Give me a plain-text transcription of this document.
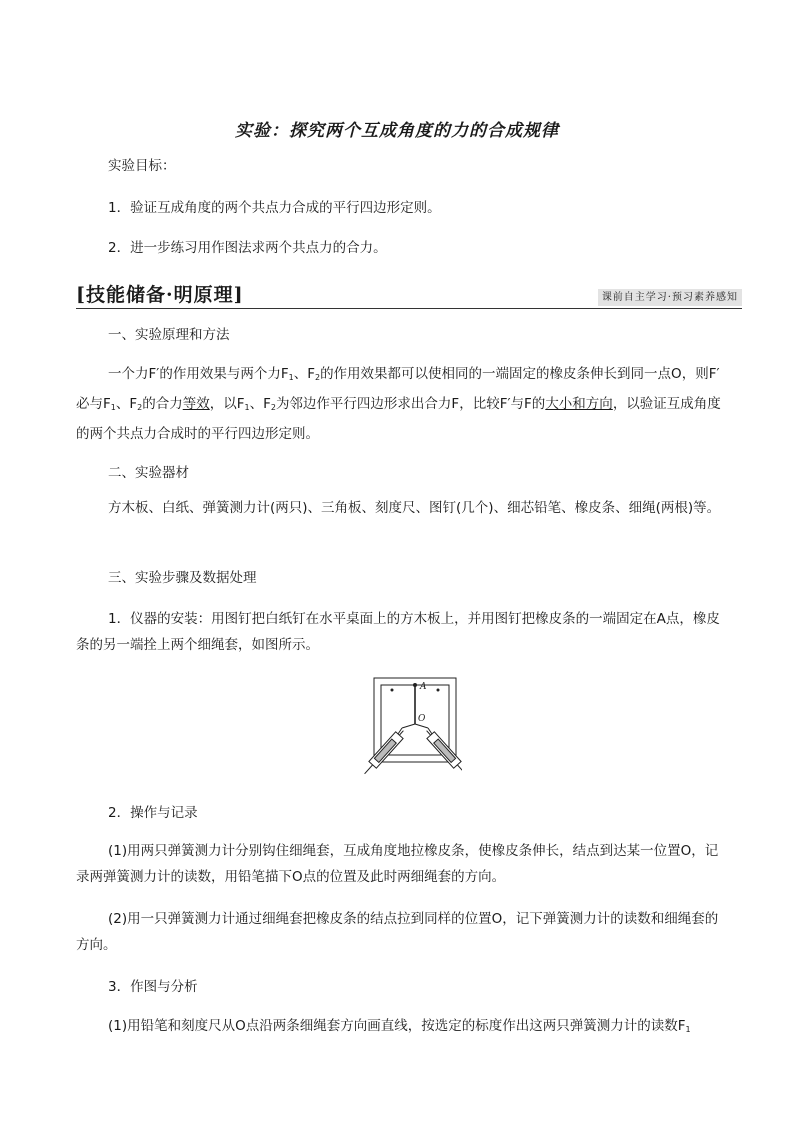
实验：探究两个互成角度的力的合成规律
实验目标：
1．验证互成角度的两个共点力合成的平行四边形定则。
2．进一步练习用作图法求两个共点力的合力。
[技能储备·明原理]	课前自主学习·预习素养感知
一、实验原理和方法
一个力F′的作用效果与两个力$F_1$、$F_2$的作用效果都可以使相同的一端固定的橡皮条伸长到同一点O，则F′必与$F_1$、$F_2$的合力等效，以$F_1$、$F_2$为邻边作平行四边形求出合力F，比较F′与F的大小和方向，以验证互成角度的两个共点力合成时的平行四边形定则。
二、实验器材
方木板、白纸、弹簧测力计(两只)、三角板、刻度尺、图钉(几个)、细芯铅笔、橡皮条、细绳(两根)等。
三、实验步骤及数据处理
1．仪器的安装：用图钉把白纸钉在水平桌面上的方木板上，并用图钉把橡皮条的一端固定在A点，橡皮条的另一端拴上两个细绳套，如图所示。
A
O
2．操作与记录
(1)用两只弹簧测力计分别钩住细绳套，互成角度地拉橡皮条，使橡皮条伸长，结点到达某一位置O，记录两弹簧测力计的读数，用铅笔描下O点的位置及此时两细绳套的方向。
(2)用一只弹簧测力计通过细绳套把橡皮条的结点拉到同样的位置O，记下弹簧测力计的读数和细绳套的方向。
3．作图与分析
(1)用铅笔和刻度尺从O点沿两条细绳套方向画直线，按选定的标度作出这两只弹簧测力计的读数$F_1$
